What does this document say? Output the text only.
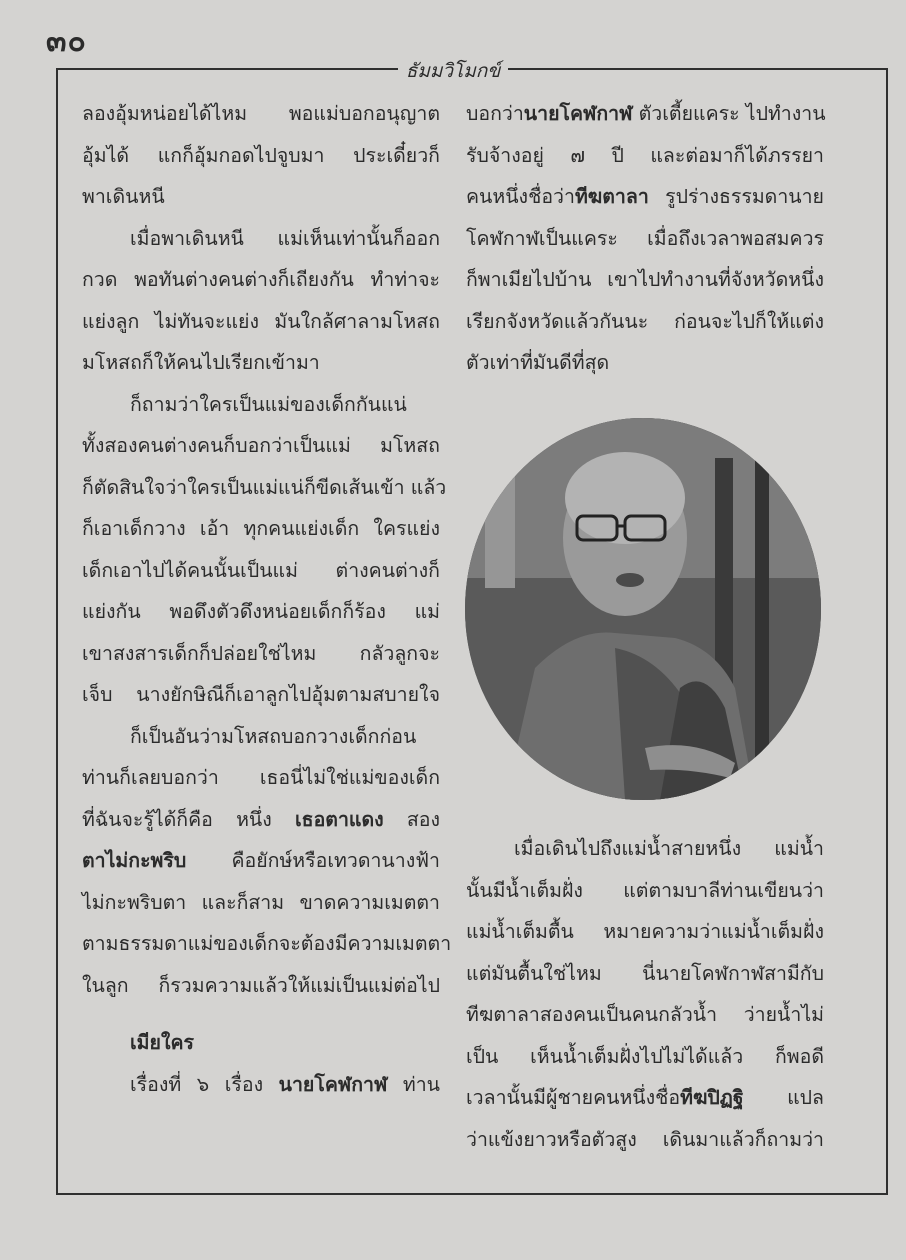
๓๐
ธัมมวิโมกข์
ลองอุ้มหน่อยได้ไหม พอแม่บอกอนุญาต
อุ้มได้ แกก็อุ้มกอดไปจูบมา ประเดี๋ยวก็
พาเดินหนี
เมื่อพาเดินหนี แม่เห็นเท่านั้นก็ออก
กวด พอทันต่างคนต่างก็เถียงกัน ทำท่าจะ
แย่งลูก ไม่ทันจะแย่ง มันใกล้ศาลามโหสถ
มโหสถก็ให้คนไปเรียกเข้ามา
ก็ถามว่าใครเป็นแม่ของเด็กกันแน่
ทั้งสองคนต่างคนก็บอกว่าเป็นแม่ มโหสถ
ก็ตัดสินใจว่าใครเป็นแม่แน่ก็ขีดเส้นเข้า แล้ว
ก็เอาเด็กวาง เอ้า ทุกคนแย่งเด็ก ใครแย่ง
เด็กเอาไปได้คนนั้นเป็นแม่ ต่างคนต่างก็
แย่งกัน พอดึงตัวดึงหน่อยเด็กก็ร้อง แม่
เขาสงสารเด็กก็ปล่อยใช่ไหม กลัวลูกจะ
เจ็บ นางยักษิณีก็เอาลูกไปอุ้มตามสบายใจ
ก็เป็นอันว่ามโหสถบอกวางเด็กก่อน
ท่านก็เลยบอกว่า เธอนี่ไม่ใช่แม่ของเด็ก
ที่ฉันจะรู้ได้ก็คือ หนึ่ง เธอตาแดง สอง
ตาไม่กะพริบ คือยักษ์หรือเทวดานางฟ้า
ไม่กะพริบตา และก็สาม ขาดความเมตตา
ตามธรรมดาแม่ของเด็กจะต้องมีความเมตตา
ในลูก ก็รวมความแล้วให้แม่เป็นแม่ต่อไป
เมียใคร
เรื่องที่ ๖ เรื่อง นายโคฬกาฬ ท่าน
บอกว่านายโคฬกาฬ ตัวเตี้ยแคระ ไปทำงาน
รับจ้างอยู่ ๗ ปี และต่อมาก็ได้ภรรยา
คนหนึ่งชื่อว่าทีฆตาลา รูปร่างธรรมดานาย
โคฬกาฬเป็นแคระ เมื่อถึงเวลาพอสมควร
ก็พาเมียไปบ้าน เขาไปทำงานที่จังหวัดหนึ่ง
เรียกจังหวัดแล้วกันนะ ก่อนจะไปก็ให้แต่ง
ตัวเท่าที่มันดีที่สุด
เมื่อเดินไปถึงแม่น้ำสายหนึ่ง แม่น้ำ
นั้นมีน้ำเต็มฝั่ง แต่ตามบาลีท่านเขียนว่า
แม่น้ำเต็มตื้น หมายความว่าแม่น้ำเต็มฝั่ง
แต่มันตื้นใช่ไหม นี่นายโคฬกาฬสามีกับ
ทีฆตาลาสองคนเป็นคนกลัวน้ำ ว่ายน้ำไม่
เป็น เห็นน้ำเต็มฝั่งไปไม่ได้แล้ว ก็พอดี
เวลานั้นมีผู้ชายคนหนึ่งชื่อทีฆปิฏฐิ แปล
ว่าแข้งยาวหรือตัวสูง เดินมาแล้วก็ถามว่า
